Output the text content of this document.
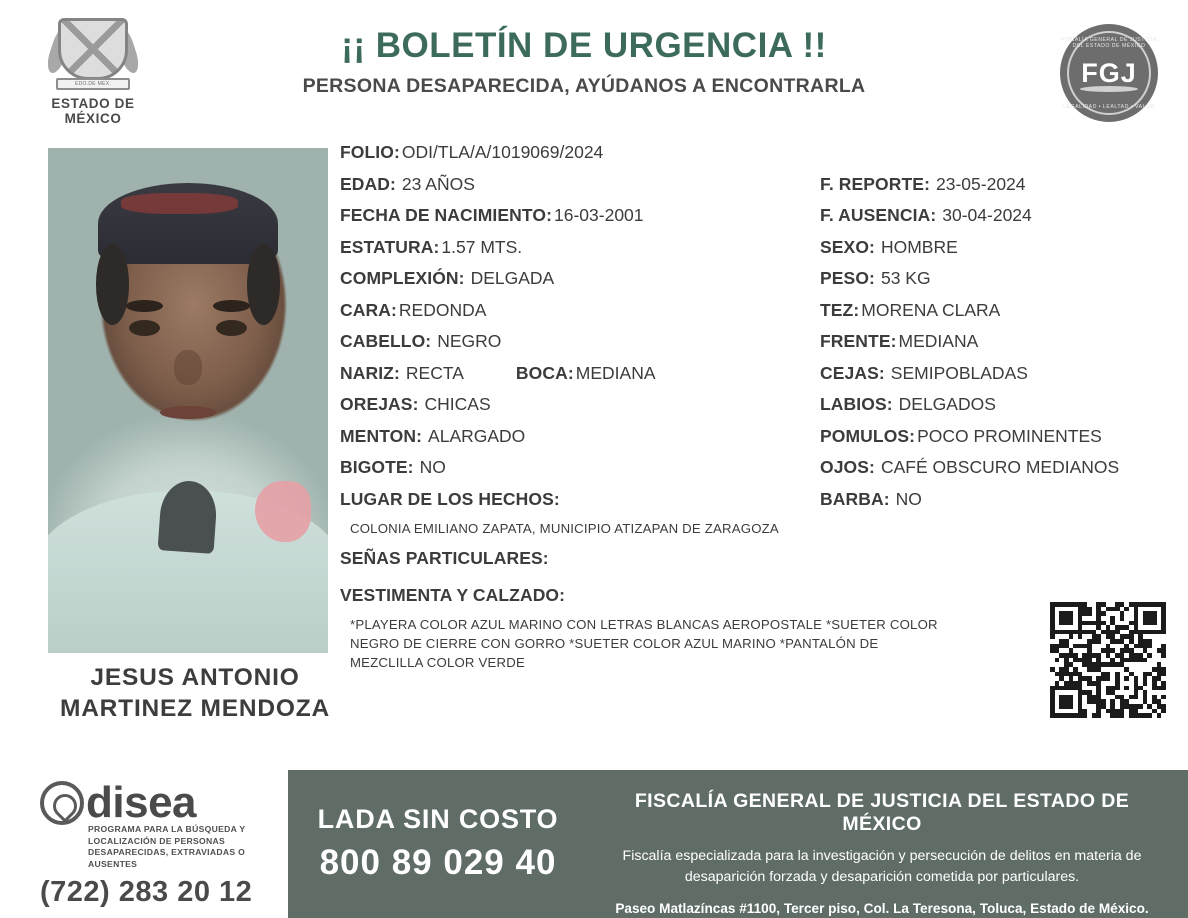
EDO.DE MEX.
ESTADO DE MÉXICO
¡¡ BOLETÍN DE URGENCIA !!
PERSONA DESAPARECIDA, AYÚDANOS A ENCONTRARLA
FISCALÍA GENERAL DE JUSTICIA DEL ESTADO DE MÉXICO
FGJ
LEGALIDAD • LEALTAD • VALOR
JESUS ANTONIO MARTINEZ MENDOZA
FOLIO: ODI/TLA/A/1019069/2024
EDAD: 23 AÑOS	F. REPORTE: 23-05-2024
FECHA DE NACIMIENTO: 16-03-2001	F. AUSENCIA: 30-04-2024
ESTATURA: 1.57 MTS.	SEXO: HOMBRE
COMPLEXIÓN: DELGADA	PESO: 53 KG
CARA: REDONDA	TEZ: MORENA CLARA
CABELLO: NEGRO	FRENTE: MEDIANA
NARIZ: RECTA	BOCA: MEDIANA	CEJAS: SEMIPOBLADAS
OREJAS: CHICAS	LABIOS: DELGADOS
MENTON: ALARGADO	POMULOS: POCO PROMINENTES
BIGOTE: NO	OJOS: CAFÉ OBSCURO MEDIANOS
LUGAR DE LOS HECHOS:	BARBA: NO
COLONIA EMILIANO ZAPATA, MUNICIPIO ATIZAPAN DE ZARAGOZA
SEÑAS PARTICULARES:
VESTIMENTA Y CALZADO:
*PLAYERA COLOR AZUL MARINO CON LETRAS BLANCAS AEROPOSTALE *SUETER COLOR NEGRO DE CIERRE CON GORRO *SUETER COLOR AZUL MARINO *PANTALÓN DE MEZCLILLA COLOR VERDE
disea
PROGRAMA PARA LA BÚSQUEDA Y LOCALIZACIÓN DE PERSONAS DESAPARECIDAS, EXTRAVIADAS O AUSENTES
(722) 283 20 12
LADA SIN COSTO
800 89 029 40
FISCALÍA GENERAL DE JUSTICIA DEL ESTADO DE MÉXICO
Fiscalía especializada para la investigación y persecución de delitos en materia de desaparición forzada y desaparición cometida por particulares.
Paseo Matlazíncas #1100, Tercer piso, Col. La Teresona, Toluca, Estado de México.
